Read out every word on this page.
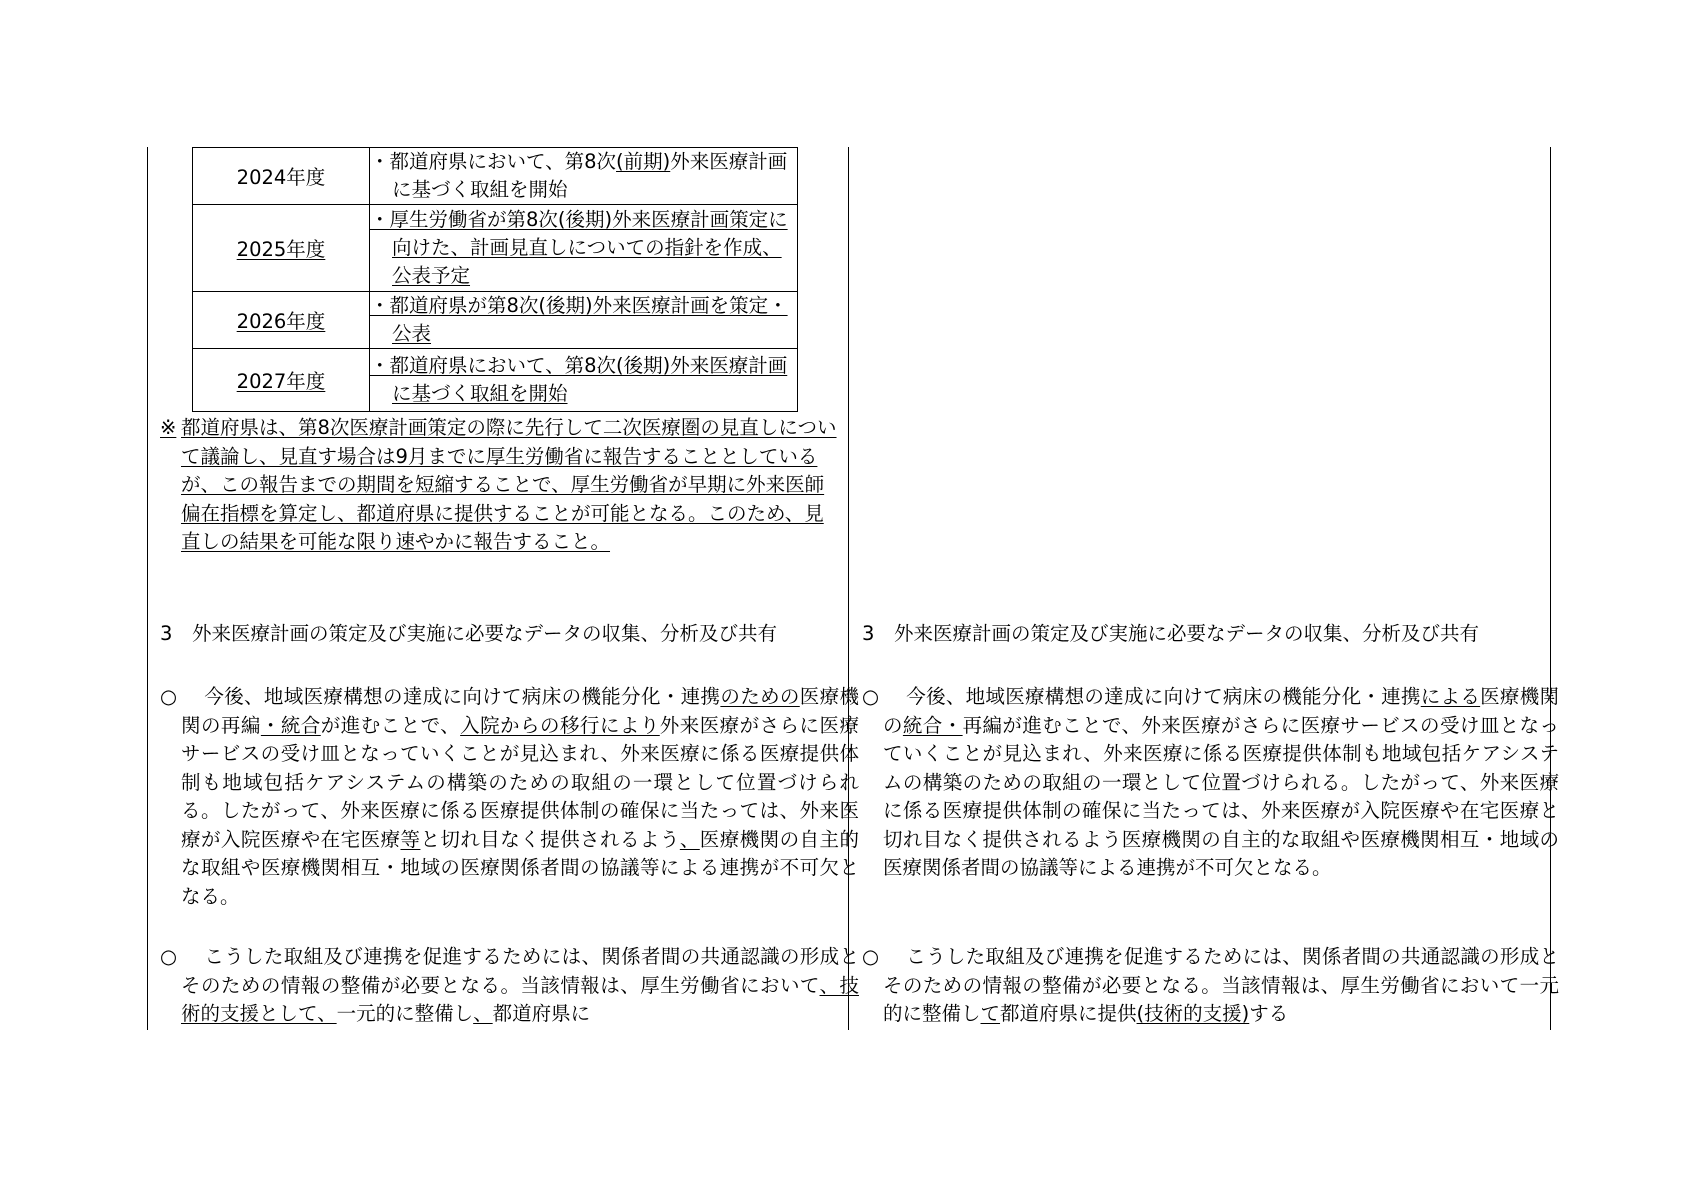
2024年度	・都道府県において、第8次(前期)外来医療計画に基づく取組を開始

2025年度	・厚生労働省が第8次(後期)外来医療計画策定に向けた、計画見直しについての指針を作成、公表予定

2026年度	・都道府県が第8次(後期)外来医療計画を策定・公表

2027年度	・都道府県において、第8次(後期)外来医療計画に基づく取組を開始
※ 都道府県は、第8次医療計画策定の際に先行して二次医療圏の見直しについて議論し、見直す場合は9月までに厚生労働省に報告することとしているが、この報告までの期間を短縮することで、厚生労働省が早期に外来医師偏在指標を算定し、都道府県に提供することが可能となる。このため、見直しの結果を可能な限り速やかに報告すること。
3 外来医療計画の策定及び実施に必要なデータの収集、分析及び共有
○ 今後、地域医療構想の達成に向けて病床の機能分化・連携のための医療機関の再編・統合が進むことで、入院からの移行により外来医療がさらに医療サービスの受け皿となっていくことが見込まれ、外来医療に係る医療提供体制も地域包括ケアシステムの構築のための取組の一環として位置づけられる。したがって、外来医療に係る医療提供体制の確保に当たっては、外来医療が入院医療や在宅医療等と切れ目なく提供されるよう、医療機関の自主的な取組や医療機関相互・地域の医療関係者間の協議等による連携が不可欠となる。
○ こうした取組及び連携を促進するためには、関係者間の共通認識の形成とそのための情報の整備が必要となる。当該情報は、厚生労働省において、技術的支援として、一元的に整備し、都道府県に
3 外来医療計画の策定及び実施に必要なデータの収集、分析及び共有
○ 今後、地域医療構想の達成に向けて病床の機能分化・連携による医療機関の統合・再編が進むことで、外来医療がさらに医療サービスの受け皿となっていくことが見込まれ、外来医療に係る医療提供体制も地域包括ケアシステムの構築のための取組の一環として位置づけられる。したがって、外来医療に係る医療提供体制の確保に当たっては、外来医療が入院医療や在宅医療と切れ目なく提供されるよう医療機関の自主的な取組や医療機関相互・地域の医療関係者間の協議等による連携が不可欠となる。
○ こうした取組及び連携を促進するためには、関係者間の共通認識の形成とそのための情報の整備が必要となる。当該情報は、厚生労働省において一元的に整備して都道府県に提供(技術的支援)する
